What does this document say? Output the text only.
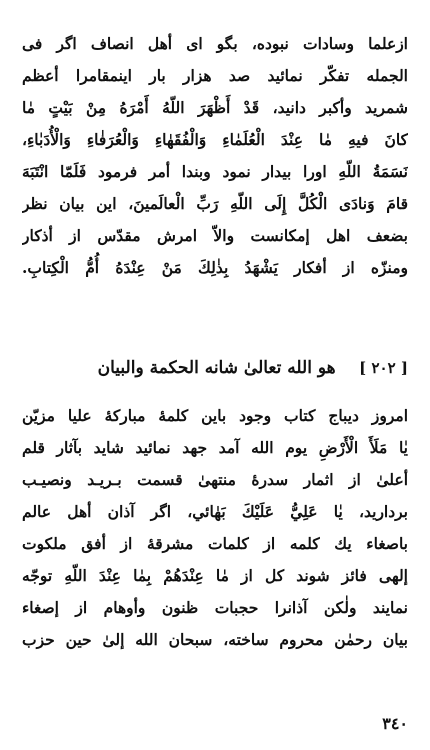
ازعلما وسادات نبوده، بگو ای أهل انصاف اگر فی
الجمله تفکّر نمائید صد هزار بار اینمقامرا أعظم
شمرید وأکبر دانید، قَدْ أَظْهَرَ اللّهُ أَمْرَهُ مِنْ بَيْتٍ مٰا
كانَ فيهِ مٰا عِنْدَ الْعُلَمٰاءِ وَالْفُقَهٰاءِ وَالْعُرَفٰاءِ وَالْأُدَبٰاءِ،
نَسَمَةُ اللّهِ اورا بیدار نمود وبندا أمر فرمود فَلَمّا انْتَبَهَ
قامَ وَنادَى الْكُلَّ إِلَى اللّهِ رَبِّ الْعالَمينَ، این بیان نظر
بضعف اهل إمکانست والاّ امرش مقدّس از أذکار
ومنزّه از أفکار يَشْهَدُ بِذٰلِكَ مَنْ عِنْدَهُ أُمُّ الْكِتابِ.
[ ۲۰۲ ] هو الله تعالیٰ شانه الحكمة والبيان
امروز دیباج کتاب وجود باین کلمهٔ مبارکهٔ علیا مزیّن
يٰا مَلَأَ الْأَرْضِ یوم الله آمد جهد نمائید شاید بآثار قلم
أعلیٰ از اثمار سدرهٔ منتهیٰ قسمت بـریـد ونصيـب
بردارید، يٰا عَلِيُّ عَلَيْكَ بَهٰائي، اگر آذان أهل عالم
باصغاء یك كلمه از کلمات مشرقهٔ از أفق ملکوت
إلهی فائز شوند کل از مٰا عِنْدَهُمْ بِمٰا عِنْدَ اللّهِ توجّه
نمایند ولٰکن آذانرا حجبات ظنون وأوهام از إصغاء
بیان رحمٰن محروم ساخته، سبحان الله إلیٰ حین حزب
٣٤٠
